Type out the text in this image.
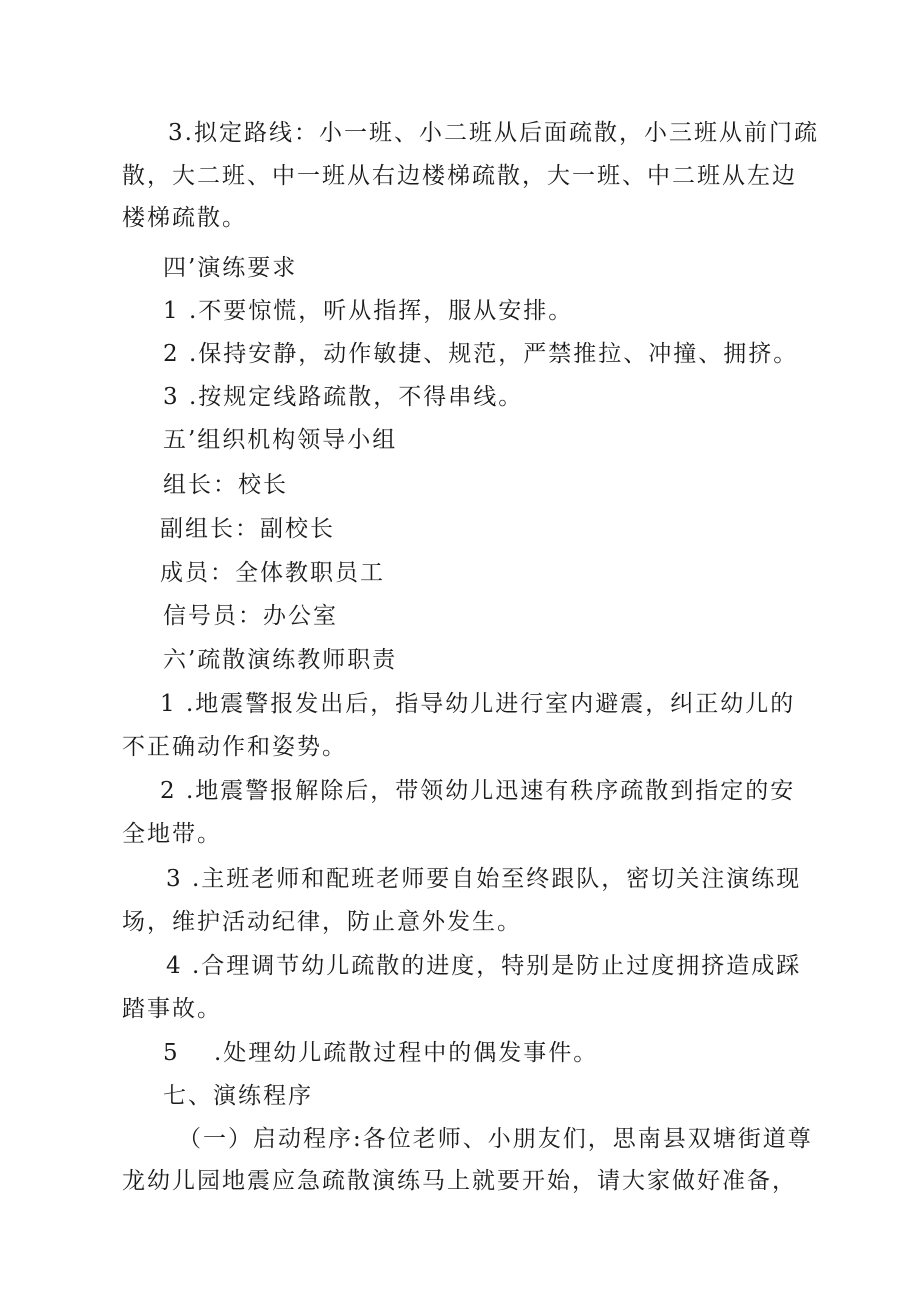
3.拟定路线：小一班、小二班从后面疏散，小三班从前门疏
散，大二班、中一班从右边楼梯疏散，大一班、中二班从左边
楼梯疏散。
四’演练要求
1 .不要惊慌，听从指挥，服从安排。
2 .保持安静，动作敏捷、规范，严禁推拉、冲撞、拥挤。
3 .按规定线路疏散，不得串线。
五’组织机构领导小组
组长：校长
副组长：副校长
成员：全体教职员工
信号员：办公室
六’疏散演练教师职责
1 .地震警报发出后，指导幼儿进行室内避震，纠正幼儿的
不正确动作和姿势。
2 .地震警报解除后，带领幼儿迅速有秩序疏散到指定的安
全地带。
3 .主班老师和配班老师要自始至终跟队，密切关注演练现
场，维护活动纪律，防止意外发生。
4 .合理调节幼儿疏散的进度，特别是防止过度拥挤造成踩
踏事故。
5　 .处理幼儿疏散过程中的偶发事件。
七、演练程序
（一）启动程序:各位老师、小朋友们，思南县双塘街道尊
龙幼儿园地震应急疏散演练马上就要开始，请大家做好准备，
